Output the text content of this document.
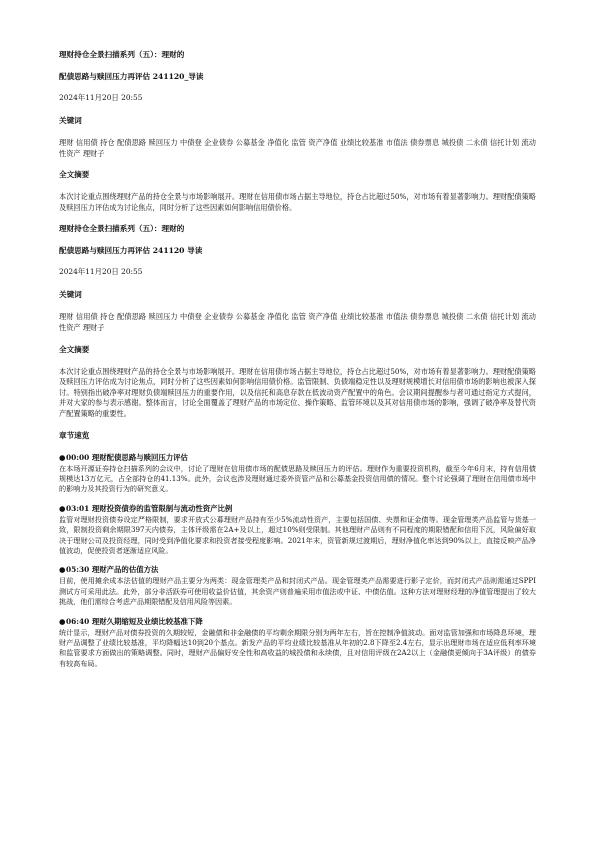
理财持仓全景扫描系列（五）：理财的

配债思路与赎回压力再评估 241120_导读

2024年11月20日 20:55
关键词
理财 信用债 持仓 配债思路 赎回压力 中债登 企业债券 公募基金 净值化 监管 资产净值 业绩比较基准 市值法 债券票息 城投债 二永债 信托计划 流动性资产 理财子
全文摘要
本次讨论重点围绕理财产品的持仓全景与市场影响展开。理财在信用债市场占据主导地位，持仓占比超过50%，对市场有着显著影响力。理财配债策略及赎回压力评估成为讨论焦点，同时分析了这些因素如何影响信用债价格。

理财持仓全景扫描系列（五）：理财的

配债思路与赎回压力再评估 241120 导读

2024年11月20日 20:55
关键词
理财 信用债 持仓 配债思路 赎回压力 中债登 企业债券 公募基金 净值化 监管 资产净值 业绩比较基准 市值法 债券票息 城投债 二永债 信托计划 流动性资产 理财子
全文摘要
本次讨论重点围绕理财产品的持仓全景与市场影响展开。理财在信用债市场占据主导地位，持仓占比超过50%，对市场有着显著影响力。理财配债策略及赎回压力评估成为讨论焦点，同时分析了这些因素如何影响信用债价格。监管限制、负债端稳定性以及理财规模增长对信用债市场的影响也被深入探讨。特别指出破净率对理财负债端赎回压力的重要作用，以及信托和高息存款在低波动资产配置中的角色。会议期间提醒参与者可通过指定方式提问，并对大家的参与表示感谢。整体而言，讨论全面覆盖了理财产品的市场定位、操作策略、监管环境以及其对信用债市场的影响，强调了破净率及替代资产配置策略的重要性。
章节速览
●00:00 理财配债思路与赎回压力评估
在本场开源证券持仓扫描系列的会议中，讨论了理财在信用债市场的配债思路及赎回压力的评估。理财作为重要投资机构，截至今年6月末，持有信用债规模达13万亿元，占全部持仓的41.13%。此外，会议也涉及理财通过委外资管产品和公募基金投资信用债的情况。整个讨论强调了理财在信用债市场中的影响力及其投资行为的研究意义。
●03:01 理财投资债券的监管限制与流动性资产比例
监管对理财投资债券设定严格限制，要求开放式公募理财产品持有至少5%流动性资产，主要包括国债、央票和证金债等。现金管理类产品监管与货基一致，限制投资剩余期限397天内债券，主体评级需在2A+及以上，超过10%则受限制。其他理财产品则有不同程度的期限错配和信用下沉，风险偏好取决于理财公司及投资经理，同时受到净值化要求和投资者接受程度影响。2021年末，资管新规过渡期后，理财净值化率达到90%以上，直接反映产品净值波动，促使投资者逐渐适应风险。
●05:30 理财产品的估值方法
目前，使用摊余成本法估值的理财产品主要分为两类：现金管理类产品和封闭式产品。现金管理类产品需要进行影子定价，而封闭式产品则需通过SPPI测试方可采用此法。此外，部分非活跃券可使用收益价估值，其余资产则普遍采用市值法或中证、中债估值。这种方法对理财经理的净值管理提出了较大挑战，他们需综合考虑产品期限错配及信用风险等因素。
●06:40 理财久期缩短及业绩比较基准下降
统计显示，理财产品对债券投资的久期较短，金融债和非金融债的平均剩余期限分别为两年左右，旨在控制净值波动。面对监管加强和市场降息环境，理财产品调整了业绩比较基准，平均降幅达10到20个基点。新发产品的平均业绩比较基准从年初的2.8下降至2.4左右，显示出理财市场在适应低利率环境和监管要求方面做出的策略调整。同时，理财产品偏好安全性和高收益的城投债和永续债，且对信用评级在2A2以上（金融债更倾向于3A评级）的债券有较高布局。
